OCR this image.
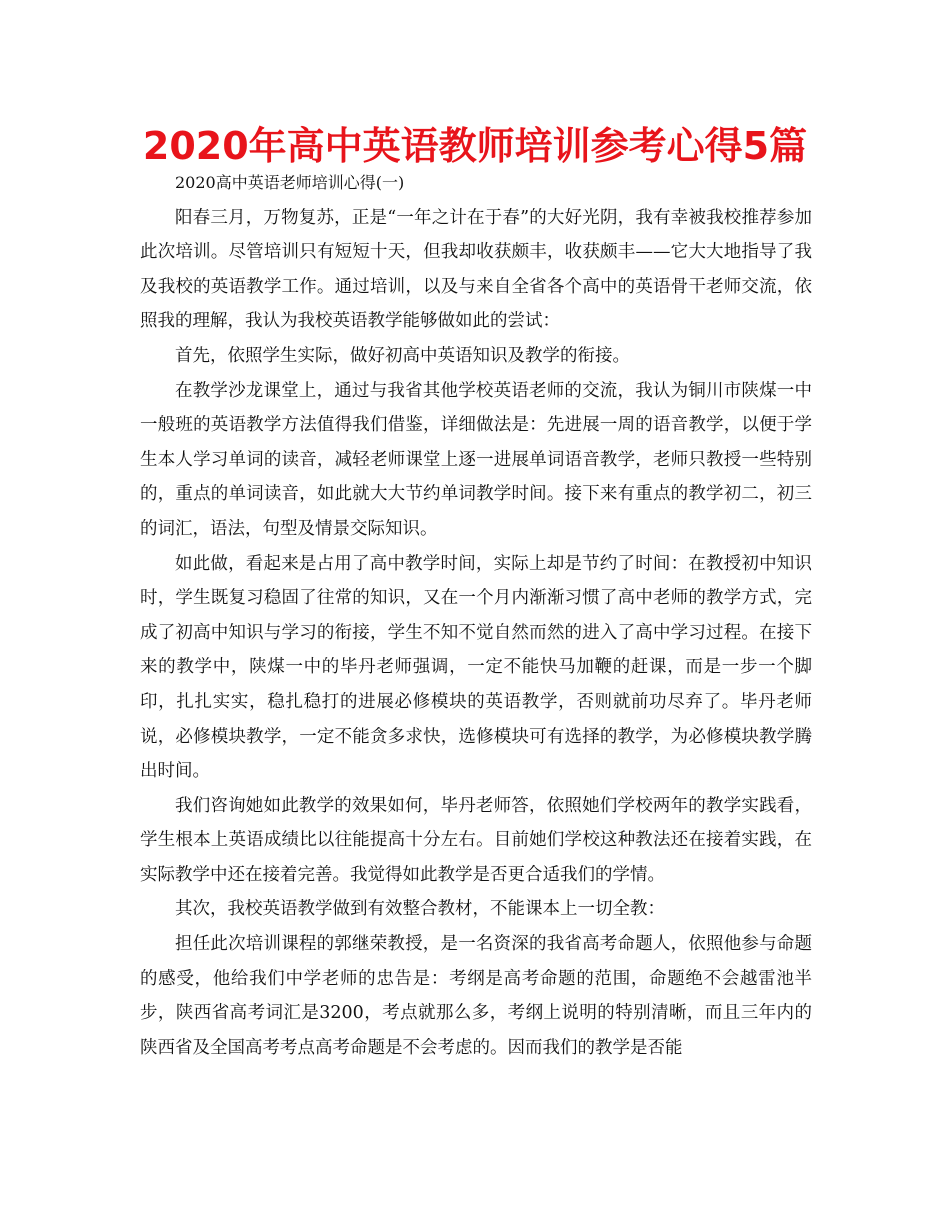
2020年高中英语教师培训参考心得5篇

2020高中英语老师培训心得(一)

阳春三月，万物复苏，正是“一年之计在于春”的大好光阴，我有幸被我校推荐参加此次培训。尽管培训只有短短十天，但我却收获颇丰，收获颇丰——它大大地指导了我及我校的英语教学工作。通过培训，以及与来自全省各个高中的英语骨干老师交流，依照我的理解，我认为我校英语教学能够做如此的尝试：

首先，依照学生实际，做好初高中英语知识及教学的衔接。

在教学沙龙课堂上，通过与我省其他学校英语老师的交流，我认为铜川市陕煤一中一般班的英语教学方法值得我们借鉴，详细做法是：先进展一周的语音教学，以便于学生本人学习单词的读音，减轻老师课堂上逐一进展单词语音教学，老师只教授一些特别的，重点的单词读音，如此就大大节约单词教学时间。接下来有重点的教学初二，初三的词汇，语法，句型及情景交际知识。

如此做，看起来是占用了高中教学时间，实际上却是节约了时间：在教授初中知识时，学生既复习稳固了往常的知识，又在一个月内渐渐习惯了高中老师的教学方式，完成了初高中知识与学习的衔接，学生不知不觉自然而然的进入了高中学习过程。在接下来的教学中，陕煤一中的毕丹老师强调，一定不能快马加鞭的赶课，而是一步一个脚印，扎扎实实，稳扎稳打的进展必修模块的英语教学，否则就前功尽弃了。毕丹老师说，必修模块教学，一定不能贪多求快，选修模块可有选择的教学，为必修模块教学腾出时间。

我们咨询她如此教学的效果如何，毕丹老师答，依照她们学校两年的教学实践看，学生根本上英语成绩比以往能提高十分左右。目前她们学校这种教法还在接着实践，在实际教学中还在接着完善。我觉得如此教学是否更合适我们的学情。

其次，我校英语教学做到有效整合教材，不能课本上一切全教：

担任此次培训课程的郭继荣教授，是一名资深的我省高考命题人，依照他参与命题的感受，他给我们中学老师的忠告是：考纲是高考命题的范围，命题绝不会越雷池半步，陕西省高考词汇是3200，考点就那么多，考纲上说明的特别清晰，而且三年内的陕西省及全国高考考点高考命题是不会考虑的。因而我们的教学是否能
